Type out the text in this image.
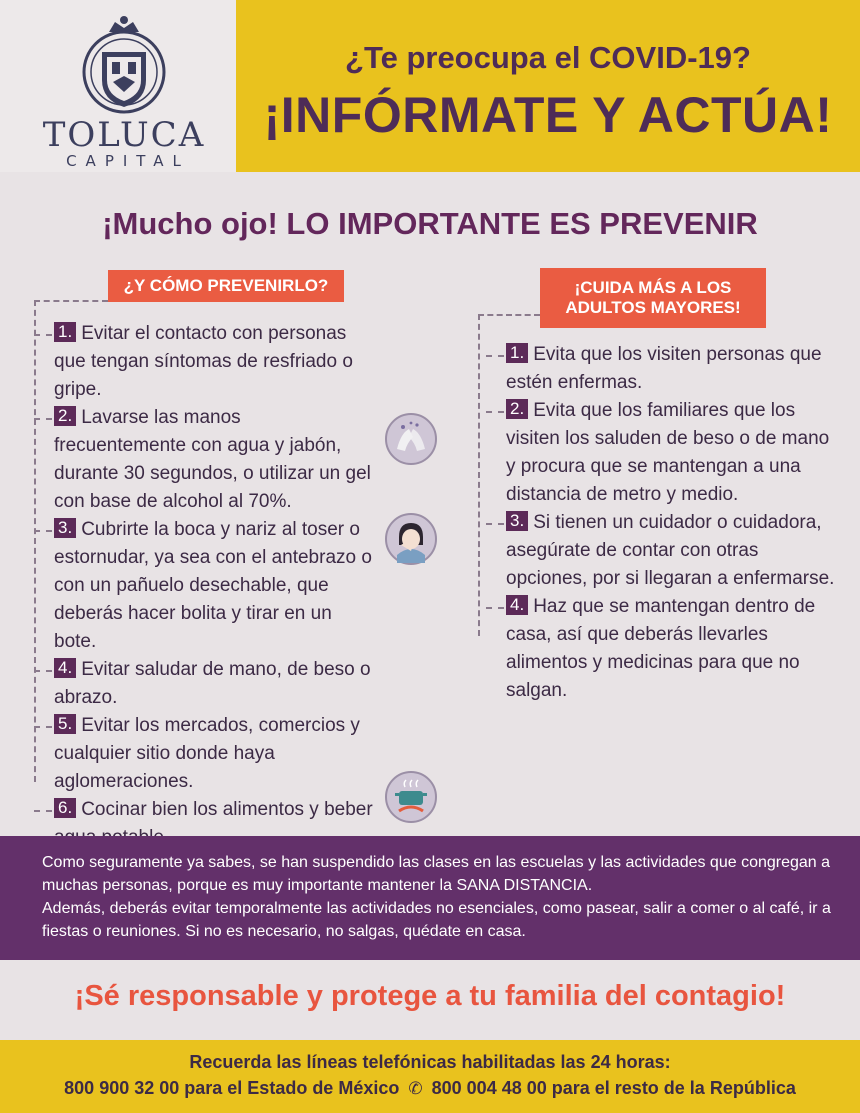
TOLUCA
CAPITAL
¿Te preocupa el COVID-19?
¡INFÓRMATE Y ACTÚA!
¡Mucho ojo! LO IMPORTANTE ES PREVENIR
¿Y CÓMO PREVENIRLO?
1. Evitar el contacto con personas que tengan síntomas de resfriado o gripe.
2. Lavarse las manos frecuentemente con agua y jabón, durante 30 segundos, o utilizar un gel con base de alcohol al 70%.
3. Cubrirte la boca y nariz al toser o estornudar, ya sea con el antebrazo o con un pañuelo desechable, que deberás hacer bolita y tirar en un bote.
4. Evitar saludar de mano, de beso o abrazo.
5. Evitar los mercados, comercios y cualquier sitio donde haya aglomeraciones.
6. Cocinar bien los alimentos y beber
¡CUIDA MÁS A LOS
ADULTOS MAYORES!
1. Evita que los visiten personas que estén enfermas.
2. Evita que los familiares que los visiten los saluden de beso o de mano y procura que se mantengan a una distancia de metro y medio.
3. Si tienen un cuidador o cuidadora, asegúrate de contar con otras opciones, por si llegaran a enfermarse.
4. Haz que se mantengan dentro de casa, así que deberás llevarles alimentos y medicinas para que no salgan.
Como seguramente ya sabes, se han suspendido las clases en las escuelas y las actividades que congregan a muchas personas, porque es muy importante mantener la SANA DISTANCIA.
Además, deberás evitar temporalmente las actividades no esenciales, como pasear, salir a comer o al café, ir a fiestas o reuniones. Si no es necesario, no salgas, quédate en casa.
¡Sé responsable y protege a tu familia del contagio!
Recuerda las líneas telefónicas habilitadas las 24 horas:
800 900 32 00 para el Estado de México ✆ 800 004 48 00 para el resto de la República
